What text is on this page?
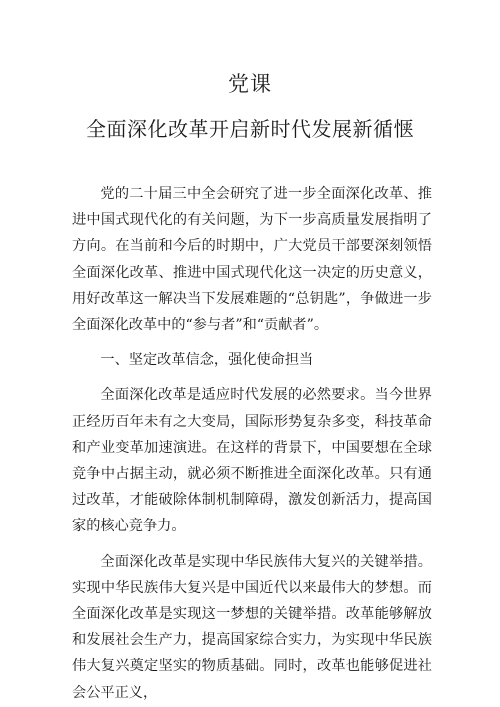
党课
全面深化改革开启新时代发展新循惬

党的二十届三中全会研究了进一步全面深化改革、推进中国式现代化的有关问题，为下一步高质量发展指明了方向。在当前和今后的时期中，广大党员干部要深刻领悟全面深化改革、推进中国式现代化这一决定的历史意义，用好改革这一解决当下发展难题的“总钥匙”，争做进一步全面深化改革中的“参与者”和“贡献者”。

一、坚定改革信念，强化使命担当

全面深化改革是适应时代发展的必然要求。当今世界正经历百年未有之大变局，国际形势复杂多变，科技革命和产业变革加速演进。在这样的背景下，中国要想在全球竞争中占据主动，就必须不断推进全面深化改革。只有通过改革，才能破除体制机制障碍，激发创新活力，提高国家的核心竞争力。

全面深化改革是实现中华民族伟大复兴的关键举措。实现中华民族伟大复兴是中国近代以来最伟大的梦想。而全面深化改革是实现这一梦想的关键举措。改革能够解放和发展社会生产力，提高国家综合实力，为实现中华民族伟大复兴奠定坚实的物质基础。同时，改革也能够促进社会公平正义，
